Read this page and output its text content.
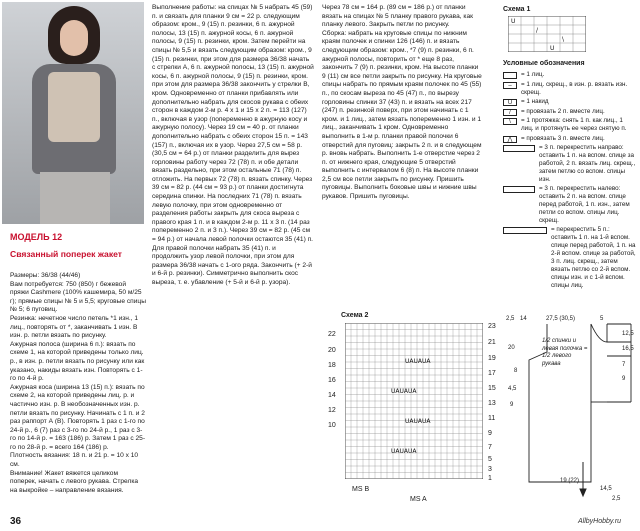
МОДЕЛЬ 12
Связанный поперек жакет

Размеры: 36/38 (44/46)

Вам потребуется: 750 (850) г бежевой пряжи Cashmere (100% кашемира, 50 м/25 г); прямые спицы № 5 и 5,5; круговые спицы № 5; 6 пуговиц.

Резинка: нечетное число петель *1 изн., 1 лиц., повторять от *, заканчивать 1 изн. В изн. р. петли вязать по рисунку.

Ажурная полоса (ширина 6 п.): вязать по схеме 1, на которой приведены только лиц. р., в изн. р. петли вязать по рисунку или как указано, накиды вязать изн. Повторять с 1-го по 4-й р.

Ажурная коса (ширина 13 (15) п.): вязать по схеме 2, на которой приведены лиц. р. и частично изн. р. В необозначенных изн. р. петли вязать по рисунку. Начинать с 1 п. и 2 раз раппорт А (В). Повторять 1 раз с 1-го по 24-й р., 6 (7) раз с 3-го по 24-й р., 1 раз с 3-го по 14-й р. = 163 (186) р. Затем 1 раз с 25-го по 28-й р. = всего 164 (186) р.

Плотность вязания: 18 п. и 21 р. = 10 х 10 см.

Внимание! Жакет вяжется целиком поперек, начать с левого рукава. Стрелка на выкройке – направление вязания.

Выполнение работы: на спицах № 5 набрать 45 (59) п. и связать для планки 9 см = 22 р. следующим образом: кром., 9 (15) п. резинки, 6 п. ажурной полосы, 13 (15) п. ажурной косы, 6 п. ажурной полосы, 9 (15) п. резинки, кром. Затем перейти на спицы № 5,5 и вязать следующим образом: кром., 9 (15) п. резинки, при этом для размера 36/38 начать с стрелки А, 6 п. ажурной полосы, 13 (15) п. ажурной косы, 6 п. ажурной полосы, 9 (15) п. резинки, кром. при этом для размера 36/38 закончить у стрелки В, кром. Одновременно от планки прибавлять или дополнительно набрать для скосов рукава с обеих сторон в каждом 2-м р. 4 х 1 и 15 х 2 п. = 113 (127) п., включая в узор (попеременно в ажурную косу и ажурную полосу). Через 19 см = 40 р. от планки дополнительно набрать с обеих сторон 15 п. = 143 (157) п., включая их в узор. Через 27,5 см = 58 р. (30,5 см = 64 р.) от планки разделить для вырез горловины работу через 72 (78) п. и обе детали вязать раздельно, при этом остальные 71 (78) п. отложить. На первых 72 (78) п. вязать спинку. Через 39 см = 82 р. (44 см = 93 р.) от планки достигнута середина спинки. На последних 71 (78) п. вязать левую полочку, при этом одновременно от разделения работы закрыть для скоса выреза с правого края 1 п. и в каждом 2-м р. 11 х 3 п. (14 раз попеременно 2 п. и 3 п.). Через 39 см = 82 р. (45 см = 94 р.) от начала левой полочки остаются 35 (41) п. Для правой полочки набрать 35 (41) п. и продолжить узор левой полочки, при этом для размера 36/38 начать с 1-ого ряда. Закончить (+ 2-й и 6-й р. резинки). Симметрично выполнить скос выреза, т. е. убавление (+ 5-й и 6-й р. узора).

Через 78 см = 164 р. (89 см = 186 р.) от планки вязать на спицах № 5 планку правого рукава, как планку левого. Закрыть петли по рисунку.

Сборка: набрать на круговые спицы по нижним краям полочек и спинки 126 (146) п. и вязать следующим образом: кром., *7 (9) п. резинки, 6 п. ажурной полосы, повторить от * еще 8 раз, закончить 7 (9) п. резинки, кром. На высоте планки 9 (11) см все петли закрыть по рисунку. На круговые спицы набрать по прямым краям полочек по 45 (55) п., по скосам выреза по 45 (47) п., по вырезу горловины спинки 37 (43) п. и вязать на всех 217 (247) п. резинкой поверх, при этом начинать с 1 кром. и 1 лиц., затем вязать попеременно 1 изн. и 1 лиц., заканчивать 1 кром. Одновременно выполнить в 1-м р. планки правой полочки 6 отверстий для пуговиц: закрыть 2 п. и в следующем р. вновь набрать. Выполнить 1-е отверстие через 2 п. от нижнего края, следующие 5 отверстий выполнить с интервалом 6 (8) п. На высоте планки 2,5 см все петли закрыть по рисунку. Пришить пуговицы. Выполнить боковые швы и нижние швы рукавов. Пришить пуговицы.

Схема 1
U
/
\
U
Условные обозначения
= 1 лиц.
–	= 1 лиц. скрещ., в изн. р. вязать изн. скрещ.
U	= 1 накид
/	= провязать 2 п. вместе лиц.
\	= 1 протяжка: снять 1 п. как лиц., 1 лиц. и протянуть ее через снятую п.
⋀	= провязать 3 п. вместе лиц.
= 3 п. перекрестить направо: оставить 1 п. на вспом. спице за работой, 2 п. вязать лиц. скрещ., затем петлю со вспом. спицы изн.
= 3 п. перекрестить налево: оставить 2 п. на вспом. спице перед работой, 1 п. изн., затем петли со вспом. спицы лиц. скрещ.
= перекрестить 5 п.: оставить 1 п. на 1-й вспом. спице перед работой, 1 п. на 2-й вспом. спице за работой, 3 п. лиц. скрещ., затем вязать петлю со 2-й вспом. спицы изн. и с 1-й вспом. спицы лиц.
Схема 2
UAUAUA
UAUAUA
UAUAUA
UAUAUA
23
21
19
17
15
13
11
9
7
5
3
1
22
20
18
16
14
12
10
MS B
MS A
2,5 14	27,5 (30,5)	5
12,5
16,5
7
9
20
8
4,5
9
1/2 спинки и левая полочка = 1/2 левого рукава
19 (22)
14,5
2,5
36	AllbyHobby.ru
